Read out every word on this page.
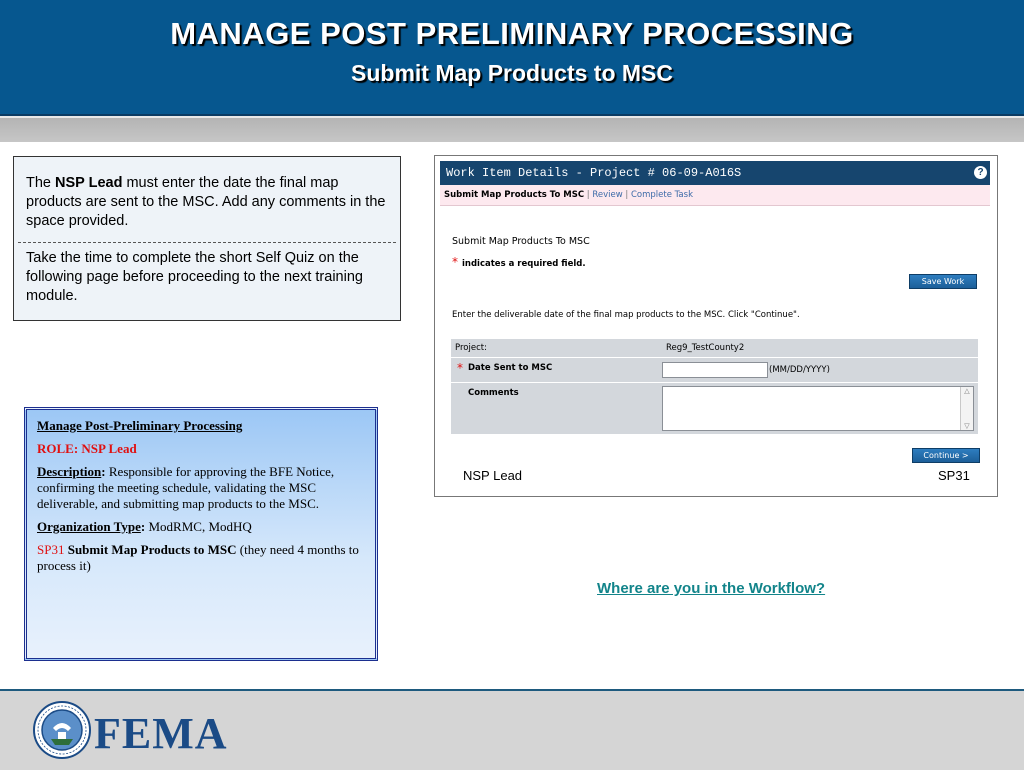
MANAGE POST PRELIMINARY PROCESSING
Submit Map Products to MSC
The NSP Lead must enter the date the final map products are sent to the MSC. Add any comments in the space provided.
Take the time to complete the short Self Quiz on the following page before proceeding to the next training module.

Manage Post-Preliminary Processing

ROLE: NSP Lead

Description: Responsible for approving the BFE Notice, confirming the meeting schedule, validating the MSC deliverable, and submitting map products to the MSC.

Organization Type: ModRMC, ModHQ

SP31 Submit Map Products to MSC (they need 4 months to process it)

Work Item Details - Project # 06-09-A016S	?
Submit Map Products To MSC | Review | Complete Task
Submit Map Products To MSC
* indicates a required field.
Save Work
Enter the deliverable date of the final map products to the MSC. Click "Continue".
Project:	Reg9_TestCounty2
* Date Sent to MSC	(MM/DD/YYYY)
Comments	△
▽
Continue >
NSP Lead	SP31
Where are you in the Workflow?
FEMA
